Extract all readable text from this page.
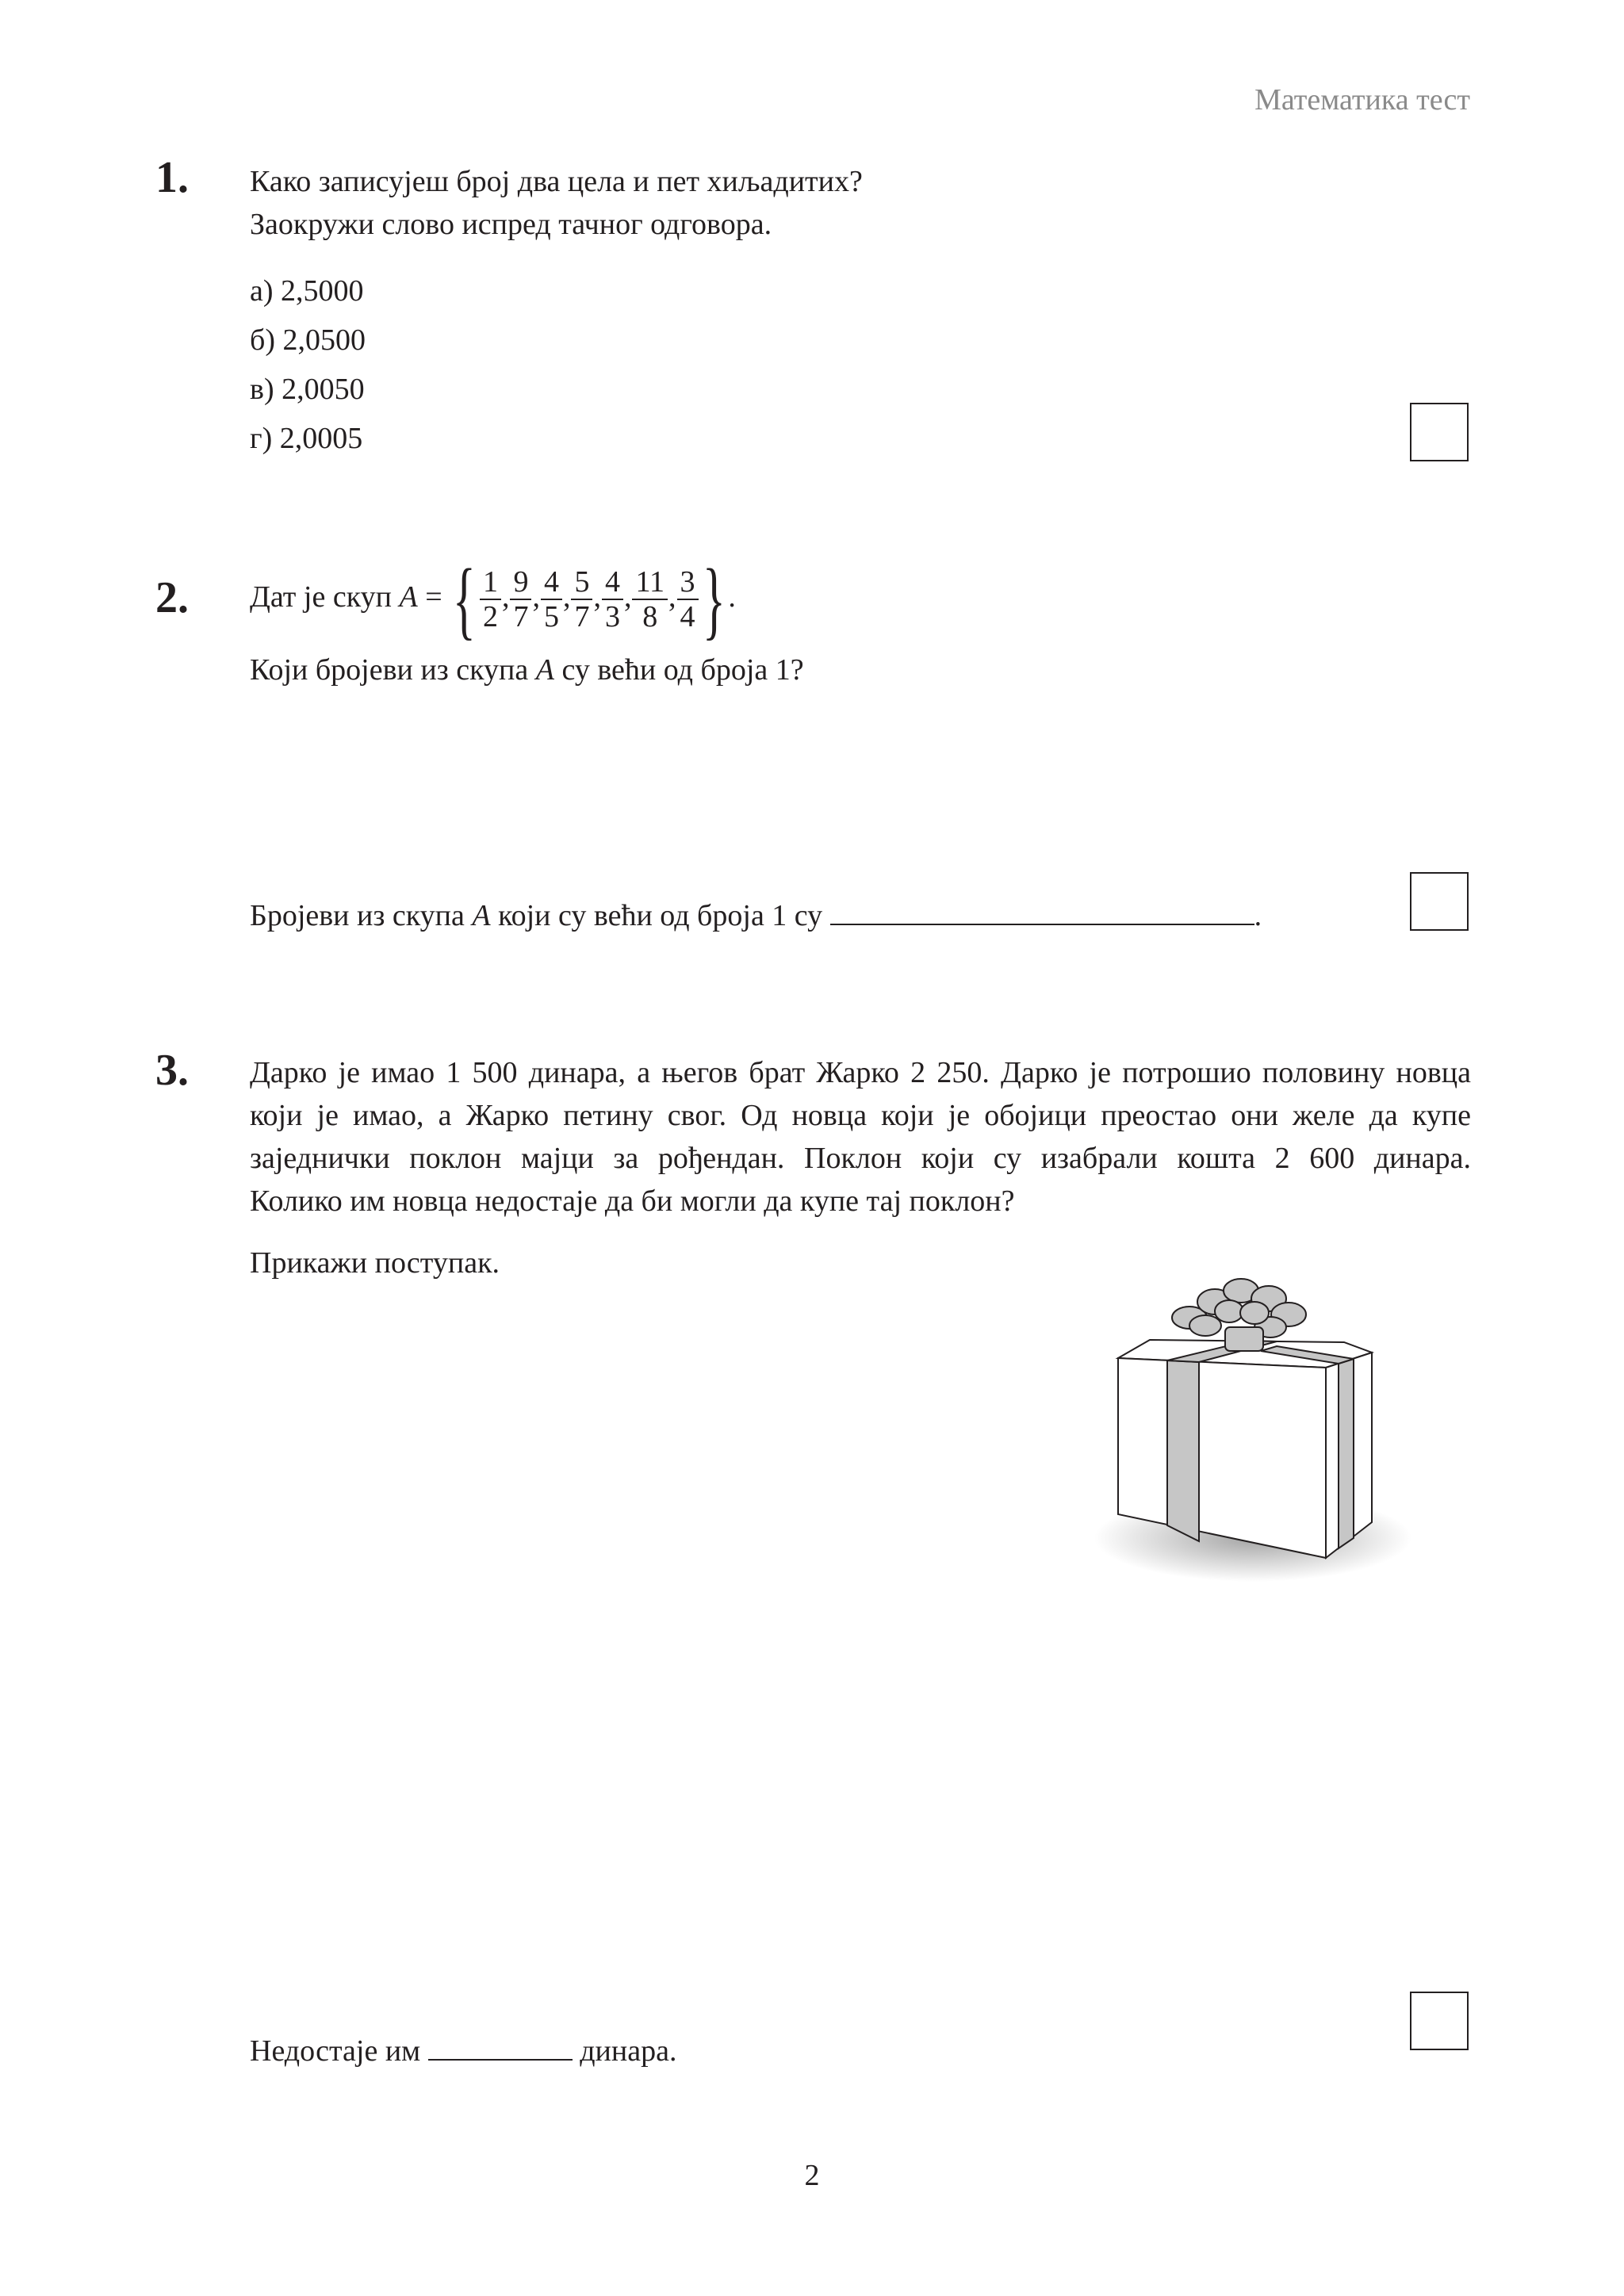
Математика тест
1. Како записујеш број два цела и пет хиљадитих?
Заокружи слово испред тачног одговора.
а) 2,5000
б) 2,0500
в) 2,0050
г) 2,0005
2. Дат је скуп A = { $\frac{1}{2}$ , $\frac{9}{7}$ , $\frac{4}{5}$ , $\frac{5}{7}$ , $\frac{4}{3}$ , $\frac{11}{8}$ , $\frac{3}{4}$ } .
Који бројеви из скупа A су већи од броја 1?
Бројеви из скупа A који су већи од броја 1 су	.
3. Дарко је имао 1 500 динара, а његов брат Жарко 2 250. Дарко је потрошио половину новца
који је имао, а Жарко петину свог. Од новца који је обојици преостао они желе да купе
заједнички поклон мајци за рођендан. Поклон који су изабрали кошта 2 600 динара.
Колико им новца недостаје да би могли да купе тај поклон?
Прикажи поступак.
Недостаје им	динара.
2
